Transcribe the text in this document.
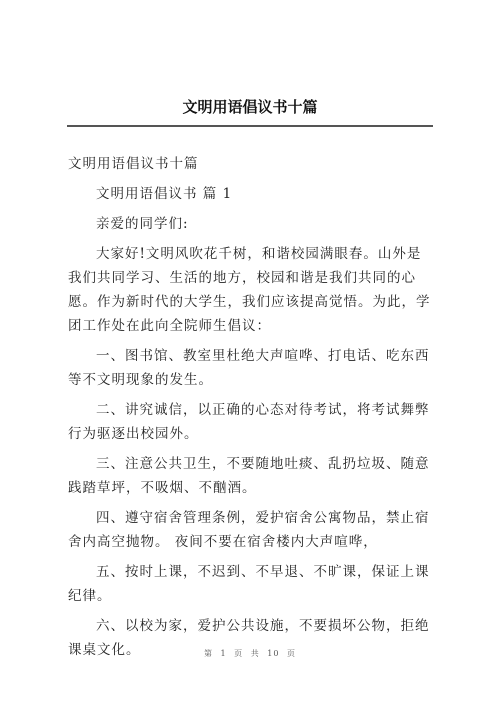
文明用语倡议书十篇

文明用语倡议书十篇

文明用语倡议书 篇 1

亲爱的同学们:

大家好!文明风吹花千树，和谐校园满眼春。山外是我们共同学习、生活的地方，校园和谐是我们共同的心愿。作为新时代的大学生，我们应该提高觉悟。为此，学团工作处在此向全院师生倡议：

一、图书馆、教室里杜绝大声喧哗、打电话、吃东西等不文明现象的发生。

二、讲究诚信，以正确的心态对待考试，将考试舞弊行为驱逐出校园外。

三、注意公共卫生，不要随地吐痰、乱扔垃圾、随意践踏草坪，不吸烟、不酗酒。

四、遵守宿舍管理条例，爱护宿舍公寓物品，禁止宿舍内高空抛物。 夜间不要在宿舍楼内大声喧哗，

五、按时上课，不迟到、不早退、不旷课，保证上课纪律。

六、以校为家，爱护公共设施，不要损坏公物，拒绝课桌文化。	第 1 页 共 10 页
